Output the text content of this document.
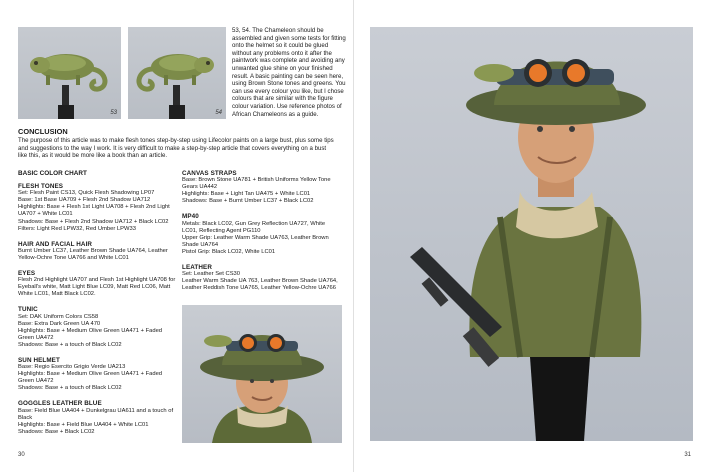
53	54
53, 54. The Chameleon should be assembled and given some tests for fitting onto the helmet so it could be glued without any problems onto it after the paintwork was complete and avoiding any unwanted glue shine on your finished result. A basic painting can be seen here, using Brown Stone tones and greens. You can use every colour you like, but I chose colours that are similar with the figure colour variation. Use reference photos of African Chameleons as a guide.
CONCLUSION
The purpose of this article was to make flesh tones step-by-step using Lifecolor paints on a large bust, plus some tips and suggestions to the way I work. It is very difficult to make a step-by-step article that covers everything on a bust like this, as it would be more like a book than an article.
BASIC COLOR CHART
FLESH TONES

Set: Flesh Paint CS13, Quick Flesh Shadowing LP07

Base: 1st Base UA709 + Flesh 2nd Shadow UA712

Highlights: Base + Flesh 1st Light UA708 + Flesh 2nd Light UA707 + White LC01

Shadows: Base + Flesh 2nd Shadow UA712 + Black LC02

Filters: Light Red LPW32, Red Umber LPW33

HAIR AND FACIAL HAIR

Burnt Umber LC37, Leather Brown Shade UA764, Leather Yellow-Ochre Tone UA766 and White LC01

EYES

Flesh 2nd Highlight UA707 and Flesh 1st Highlight UA708 for Eyeball's white, Matt Light Blue LC09, Matt Red LC06, Matt White LC01, Matt Black LC02.

TUNIC

Set: DAK Uniform Colors CS58

Base: Extra Dark Green UA 470

Highlights: Base + Medium Olive Green UA471 + Faded Green UA472

Shadows: Base + a touch of Black LC02

SUN HELMET

Base: Regio Esercito Grigio Verde UA213

Highlights: Base + Medium Olive Green UA471 + Faded Green UA472

Shadows: Base + a touch of Black LC02

GOGGLES LEATHER BLUE

Base: Field Blue UA404 + Dunkelgrau UA611 and a touch of Black

Highlights: Base + Field Blue UA404 + White LC01

Shadows: Base + Black LC02

CANVAS STRAPS

Base: Brown Stone UA781 + British Uniforms Yellow Tone Gears UA442

Highlights: Base + Light Tan UA475 + White LC01

Shadows: Base + Burnt Umber LC37 + Black LC02

MP40

Metals: Black LC02, Gun Grey Reflection UA727, White LC01, Reflecting Agent PG110

Upper Grip: Leather Warm Shade UA763, Leather Brown Shade UA764

Pistol Grip: Black LC02, White LC01

LEATHER

Set: Leather Set CS30

Leather Warm Shade UA 763, Leather Brown Shade UA764, Leather Reddish Tone UA765, Leather Yellow-Ochre UA766

30	31
